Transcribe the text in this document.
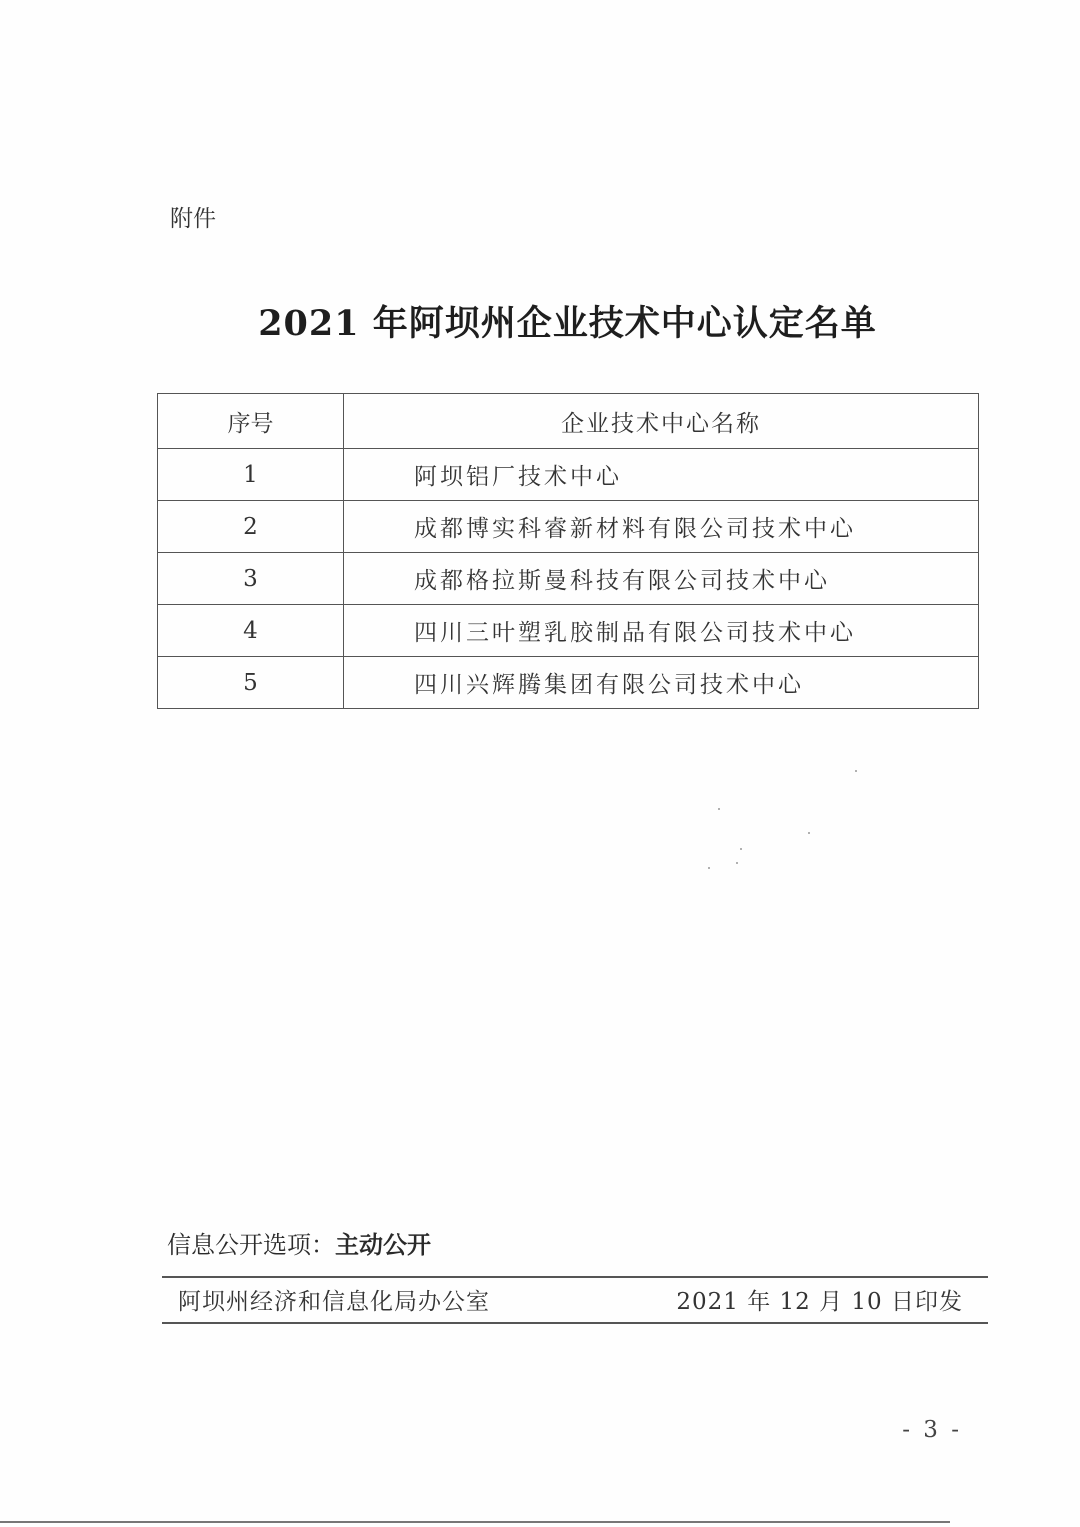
附件
2021 年阿坝州企业技术中心认定名单
序号	企业技术中心名称
1	阿坝铝厂技术中心
2	成都博实科睿新材料有限公司技术中心
3	成都格拉斯曼科技有限公司技术中心
4	四川三叶塑乳胶制品有限公司技术中心
5	四川兴辉腾集团有限公司技术中心
信息公开选项：主动公开
阿坝州经济和信息化局办公室	2021 年 12 月 10 日印发
- 3 -
